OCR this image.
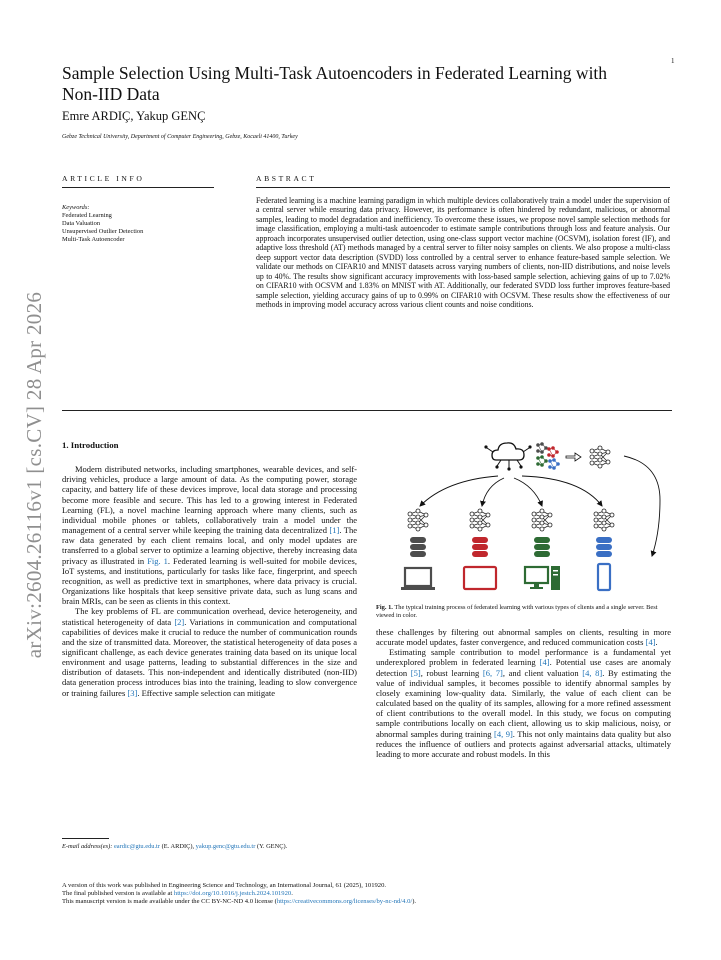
1
arXiv:2604.26116v1 [cs.CV] 28 Apr 2026
Sample Selection Using Multi-Task Autoencoders in Federated Learning with
Non-IID Data
Emre ARDIÇ, Yakup GENÇ
Gebze Technical University, Department of Computer Engineering, Gebze, Kocaeli 41400, Turkey
ARTICLE INFO	ABSTRACT
Keywords:
Federated Learning
Data Valuation
Unsupervised Outlier Detection
Multi-Task Autoencoder

Federated learning is a machine learning paradigm in which multiple devices collaboratively train a model under the supervision of a central server while ensuring data privacy. However, its performance is often hindered by redundant, malicious, or abnormal samples, leading to model degradation and inefficiency. To overcome these issues, we propose novel sample selection methods for image classification, employing a multi-task autoencoder to estimate sample contributions through loss and feature analysis. Our approach incorporates unsupervised outlier detection, using one-class support vector machine (OCSVM), isolation forest (IF), and adaptive loss threshold (AT) methods managed by a central server to filter noisy samples on clients. We also propose a multi-class deep support vector data description (SVDD) loss controlled by a central server to enhance feature-based sample selection. We validate our methods on CIFAR10 and MNIST datasets across varying numbers of clients, non-IID distributions, and noise levels up to 40%. The results show significant accuracy improvements with loss-based sample selection, achieving gains of up to 7.02% on CIFAR10 with OCSVM and 1.83% on MNIST with AT. Additionally, our federated SVDD loss further improves feature-based sample selection, yielding accuracy gains of up to 0.99% on CIFAR10 with OCSVM. These results show the effectiveness of our methods in improving model accuracy across various client counts and noise conditions.

1. Introduction

Modern distributed networks, including smartphones, wearable devices, and self-driving vehicles, produce a large amount of data. As the computing power, storage capacity, and battery life of these devices improve, local data storage and processing become more feasible and secure. This has led to a growing interest in Federated Learning (FL), a novel machine learning approach where many clients, such as individual mobile phones or tablets, collaboratively train a model under the management of a central server while keeping the training data decentralized [1]. The raw data generated by each client remains local, and only model updates are transferred to a global server to optimize a learning objective, thereby increasing data privacy as illustrated in Fig. 1. Federated learning is well-suited for mobile devices, IoT systems, and institutions, particularly for tasks like face, fingerprint, and speech recognition, as well as predictive text in smartphones, where data privacy is crucial. Organizations like hospitals that keep sensitive private data, such as lung scans and brain MRIs, can be seen as clients in this context.

The key problems of FL are communication overhead, device heterogeneity, and statistical heterogeneity of data [2]. Variations in communication and computational capabilities of devices make it crucial to reduce the number of communication rounds and the size of transmitted data. Moreover, the statistical heterogeneity of data poses a significant challenge, as each device generates training data based on its unique local environment and usage patterns, leading to substantial differences in the size and distribution of datasets. This non-independent and identically distributed (non-IID) data generation process introduces bias into the training, leading to slow convergence or training failures [3]. Effective sample selection can mitigate

E-mail address(es): eardic@gtu.edu.tr (E. ARDIÇ), yakup.genc@gtu.edu.tr (Y. GENÇ).
Fig. 1. The typical training process of federated learning with various types of clients and a single server. Best viewed in color.

these challenges by filtering out abnormal samples on clients, resulting in more accurate model updates, faster convergence, and reduced communication costs [4].

Estimating sample contribution to model performance is a fundamental yet underexplored problem in federated learning [4]. Potential use cases are anomaly detection [5], robust learning [6, 7], and client valuation [4, 8]. By estimating the value of individual samples, it becomes possible to identify abnormal samples by closely examining low-quality data. Similarly, the value of each client can be calculated based on the quality of its samples, allowing for a more refined assessment of client contributions to the overall model. In this study, we focus on computing sample contributions locally on each client, allowing us to skip malicious, noisy, or abnormal samples during training [4, 9]. This not only maintains data quality but also reduces the influence of outliers and protects against adversarial attacks, ultimately leading to more accurate and robust models. In this

A version of this work was published in Engineering Science and Technology, an International Journal, 61 (2025), 101920.
The final published version is available at https://doi.org/10.1016/j.jestch.2024.101920.
This manuscript version is made available under the CC BY-NC-ND 4.0 license (https://creativecommons.org/licenses/by-nc-nd/4.0/).
